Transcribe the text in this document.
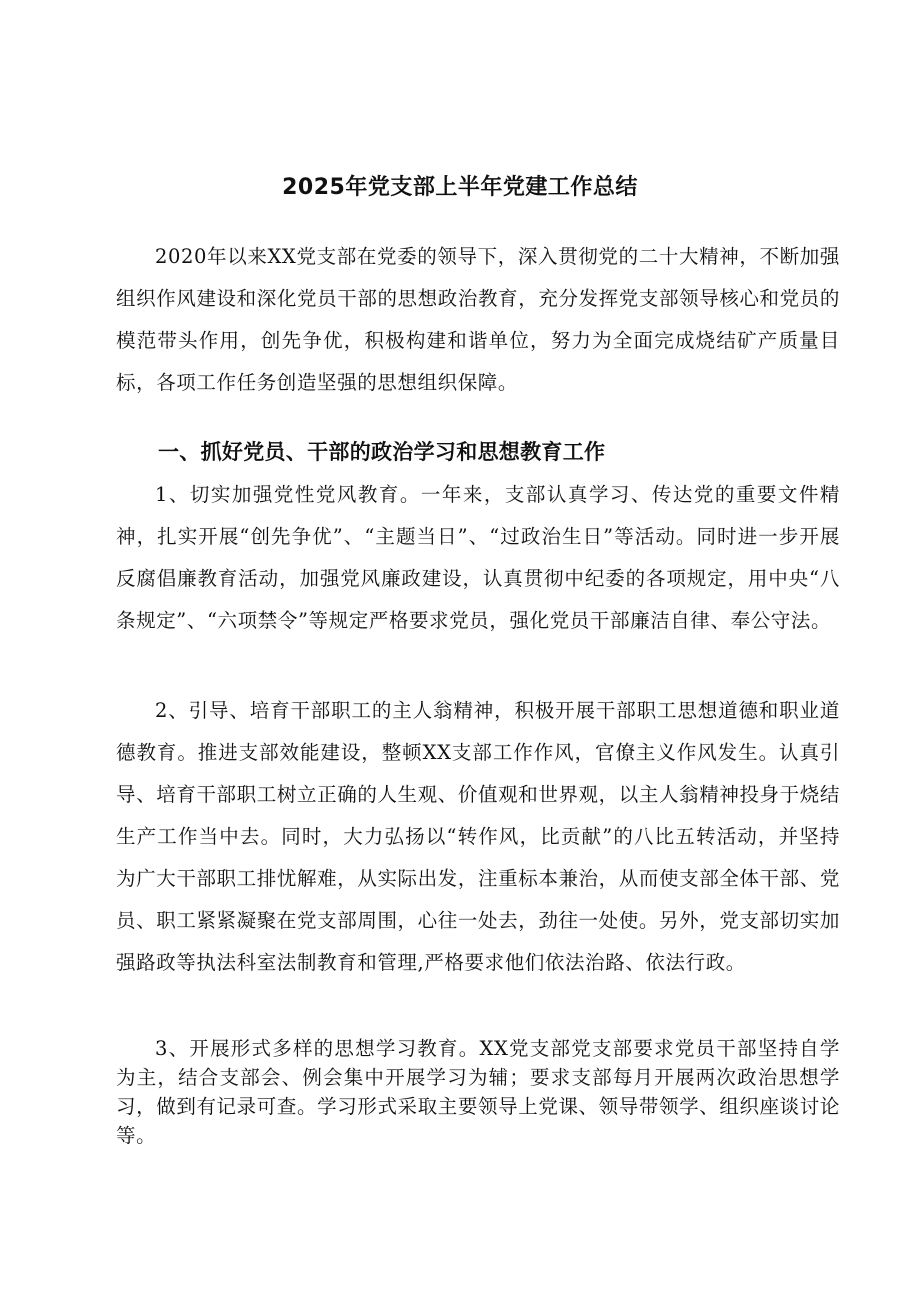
2025年党支部上半年党建工作总结

2020年以来XX党支部在党委的领导下，深入贯彻党的二十大精神，不断加强组织作风建设和深化党员干部的思想政治教育，充分发挥党支部领导核心和党员的模范带头作用，创先争优，积极构建和谐单位，努力为全面完成烧结矿产质量目标，各项工作任务创造坚强的思想组织保障。

一、抓好党员、干部的政治学习和思想教育工作

1、切实加强党性党风教育。一年来，支部认真学习、传达党的重要文件精神，扎实开展“创先争优”、“主题当日”、“过政治生日”等活动。同时进一步开展反腐倡廉教育活动，加强党风廉政建设，认真贯彻中纪委的各项规定，用中央“八条规定”、“六项禁令”等规定严格要求党员，强化党员干部廉洁自律、奉公守法。

2、引导、培育干部职工的主人翁精神，积极开展干部职工思想道德和职业道德教育。推进支部效能建设，整顿XX支部工作作风，官僚主义作风发生。认真引导、培育干部职工树立正确的人生观、价值观和世界观，以主人翁精神投身于烧结生产工作当中去。同时，大力弘扬以“转作风，比贡献”的八比五转活动，并坚持为广大干部职工排忧解难，从实际出发，注重标本兼治，从而使支部全体干部、党员、职工紧紧凝聚在党支部周围，心往一处去，劲往一处使。另外，党支部切实加强路政等执法科室法制教育和管理,严格要求他们依法治路、依法行政。

3、开展形式多样的思想学习教育。XX党支部党支部要求党员干部坚持自学为主，结合支部会、例会集中开展学习为辅；要求支部每月开展两次政治思想学习，做到有记录可查。学习形式采取主要领导上党课、领导带领学、组织座谈讨论等。
